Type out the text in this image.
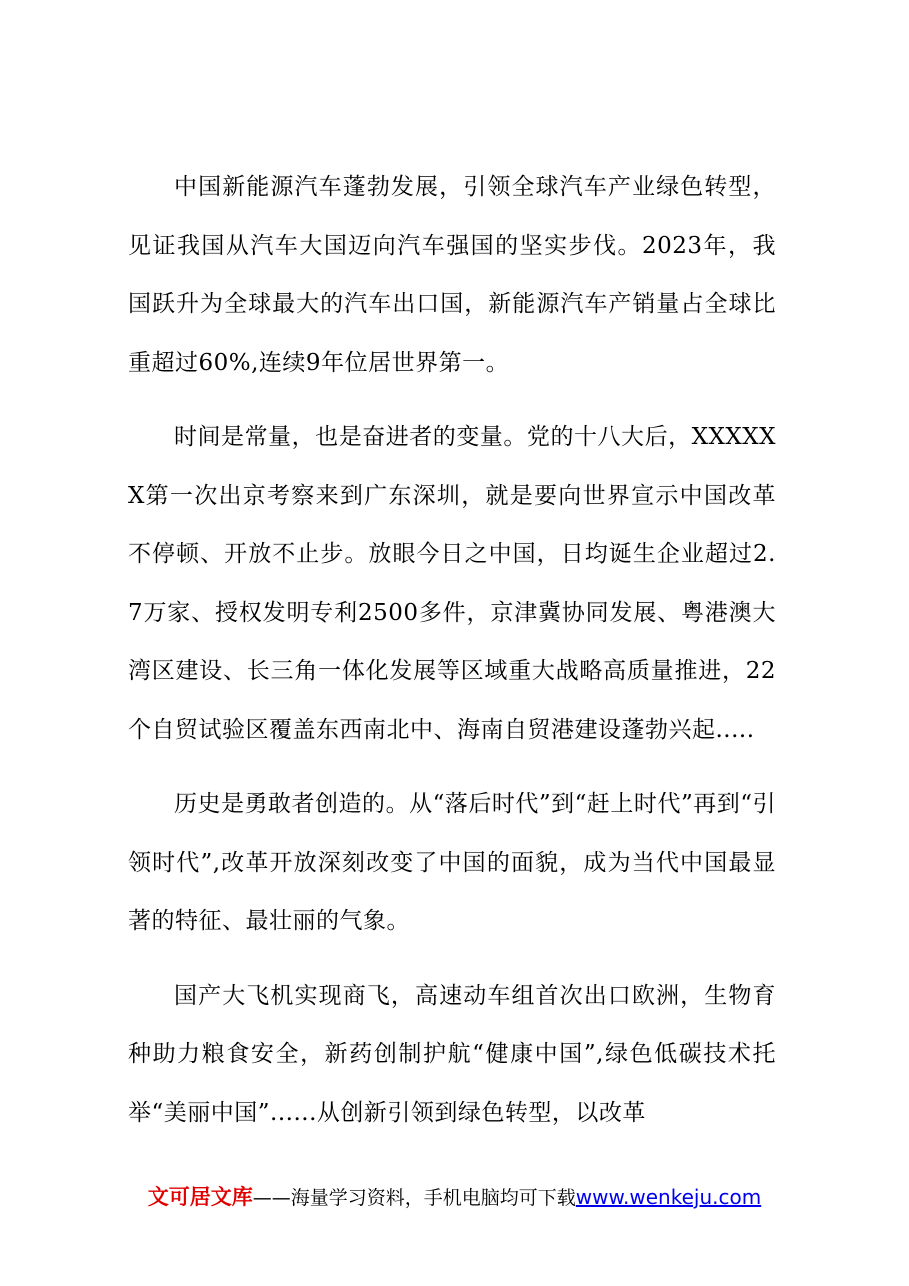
中国新能源汽车蓬勃发展，引领全球汽车产业绿色转型，见证我国从汽车大国迈向汽车强国的坚实步伐。2023年，我国跃升为全球最大的汽车出口国，新能源汽车产销量占全球比重超过60%,连续9年位居世界第一。

时间是常量，也是奋进者的变量。党的十八大后，XXXXXX第一次出京考察来到广东深圳，就是要向世界宣示中国改革不停顿、开放不止步。放眼今日之中国，日均诞生企业超过2.7万家、授权发明专利2500多件，京津冀协同发展、粤港澳大湾区建设、长三角一体化发展等区域重大战略高质量推进，22个自贸试验区覆盖东西南北中、海南自贸港建设蓬勃兴起.....

历史是勇敢者创造的。从“落后时代”到“赶上时代”再到“引领时代”,改革开放深刻改变了中国的面貌，成为当代中国最显著的特征、最壮丽的气象。

国产大飞机实现商飞，高速动车组首次出口欧洲，生物育种助力粮食安全，新药创制护航“健康中国”,绿色低碳技术托举“美丽中国”......从创新引领到绿色转型，以改革

文可居文库——海量学习资料，手机电脑均可下载www.wenkeju.com
